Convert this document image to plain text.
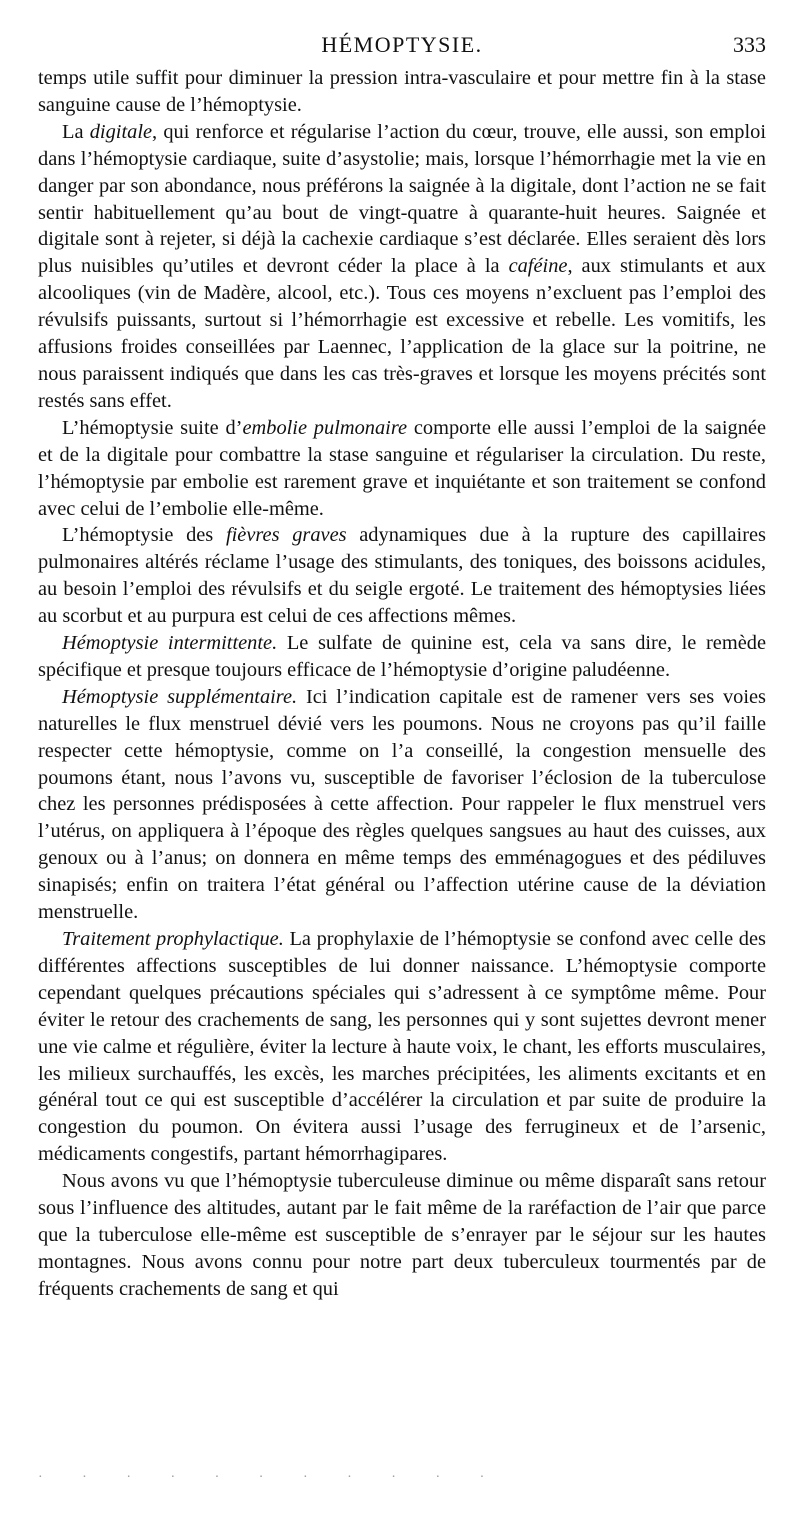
HÉMOPTYSIE.	333

temps utile suffit pour diminuer la pression intra-vasculaire et pour mettre fin à la stase sanguine cause de l’hémoptysie.

La digitale, qui renforce et régularise l’action du cœur, trouve, elle aussi, son emploi dans l’hémoptysie cardiaque, suite d’asystolie; mais, lorsque l’hémorrhagie met la vie en danger par son abondance, nous préférons la saignée à la digitale, dont l’action ne se fait sentir habituellement qu’au bout de vingt-quatre à quarante-huit heures. Saignée et digitale sont à rejeter, si déjà la cachexie cardiaque s’est déclarée. Elles seraient dès lors plus nuisibles qu’utiles et devront céder la place à la caféine, aux stimulants et aux alcooliques (vin de Madère, alcool, etc.). Tous ces moyens n’excluent pas l’emploi des révulsifs puissants, surtout si l’hémorrhagie est excessive et rebelle. Les vomitifs, les affusions froides conseillées par Laennec, l’application de la glace sur la poitrine, ne nous paraissent indiqués que dans les cas très-graves et lorsque les moyens précités sont restés sans effet.

L’hémoptysie suite d’embolie pulmonaire comporte elle aussi l’emploi de la saignée et de la digitale pour combattre la stase sanguine et régulariser la circulation. Du reste, l’hémoptysie par embolie est rarement grave et inquiétante et son traitement se confond avec celui de l’embolie elle-même.

L’hémoptysie des fièvres graves adynamiques due à la rupture des capillaires pulmonaires altérés réclame l’usage des stimulants, des toniques, des boissons acidules, au besoin l’emploi des révulsifs et du seigle ergoté. Le traitement des hémoptysies liées au scorbut et au purpura est celui de ces affections mêmes.

Hémoptysie intermittente. Le sulfate de quinine est, cela va sans dire, le remède spécifique et presque toujours efficace de l’hémoptysie d’origine paludéenne.

Hémoptysie supplémentaire. Ici l’indication capitale est de ramener vers ses voies naturelles le flux menstruel dévié vers les poumons. Nous ne croyons pas qu’il faille respecter cette hémoptysie, comme on l’a conseillé, la congestion mensuelle des poumons étant, nous l’avons vu, susceptible de favoriser l’éclosion de la tuberculose chez les personnes prédisposées à cette affection. Pour rappeler le flux menstruel vers l’utérus, on appliquera à l’époque des règles quelques sangsues au haut des cuisses, aux genoux ou à l’anus; on donnera en même temps des emménagogues et des pédiluves sinapisés; enfin on traitera l’état général ou l’affection utérine cause de la déviation menstruelle.

Traitement prophylactique. La prophylaxie de l’hémoptysie se confond avec celle des différentes affections susceptibles de lui donner naissance. L’hémoptysie comporte cependant quelques précautions spéciales qui s’adressent à ce symptôme même. Pour éviter le retour des crachements de sang, les personnes qui y sont sujettes devront mener une vie calme et régulière, éviter la lecture à haute voix, le chant, les efforts musculaires, les milieux surchauffés, les excès, les marches précipitées, les aliments excitants et en général tout ce qui est susceptible d’accélérer la circulation et par suite de produire la congestion du poumon. On évitera aussi l’usage des ferrugineux et de l’arsenic, médicaments congestifs, partant hémorrhagipares.

Nous avons vu que l’hémoptysie tuberculeuse diminue ou même disparaît sans retour sous l’influence des altitudes, autant par le fait même de la raréfaction de l’air que parce que la tuberculose elle-même est susceptible de s’enrayer par le séjour sur les hautes montagnes. Nous avons connu pour notre part deux tuberculeux tourmentés par de fréquents crachements de sang et qui

· · · · · · · · · · ·
